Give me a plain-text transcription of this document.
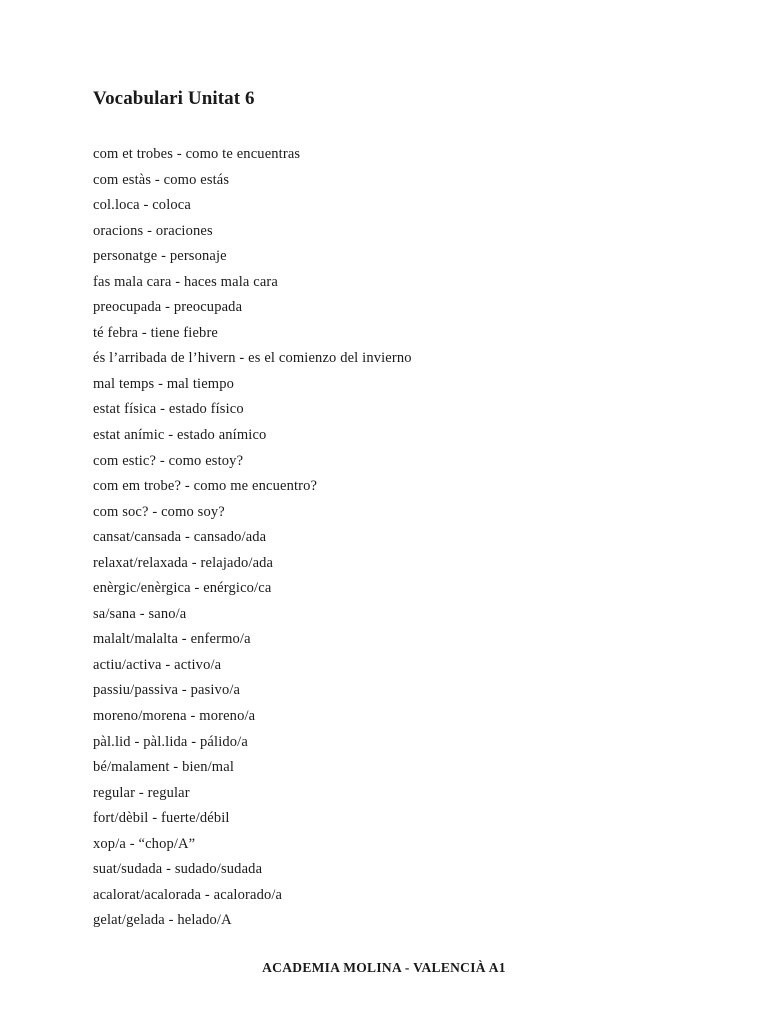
Vocabulari Unitat 6
com et trobes - como te encuentras
com estàs - como estás
col.loca - coloca
oracions - oraciones
personatge - personaje
fas mala cara - haces mala cara
preocupada - preocupada
té febra - tiene fiebre
és l’arribada de l’hivern - es el comienzo del invierno
mal temps - mal tiempo
estat física - estado físico
estat anímic - estado anímico
com estic? - como estoy?
com em trobe? - como me encuentro?
com soc? - como soy?
cansat/cansada - cansado/ada
relaxat/relaxada - relajado/ada
enèrgic/enèrgica - enérgico/ca
sa/sana - sano/a
malalt/malalta - enfermo/a
actiu/activa - activo/a
passiu/passiva - pasivo/a
moreno/morena - moreno/a
pàl.lid - pàl.lida - pálido/a
bé/malament - bien/mal
regular - regular
fort/dèbil - fuerte/débil
xop/a - “chop/A”
suat/sudada - sudado/sudada
acalorat/acalorada - acalorado/a
gelat/gelada - helado/A
ACADEMIA MOLINA - VALENCIÀ A1
